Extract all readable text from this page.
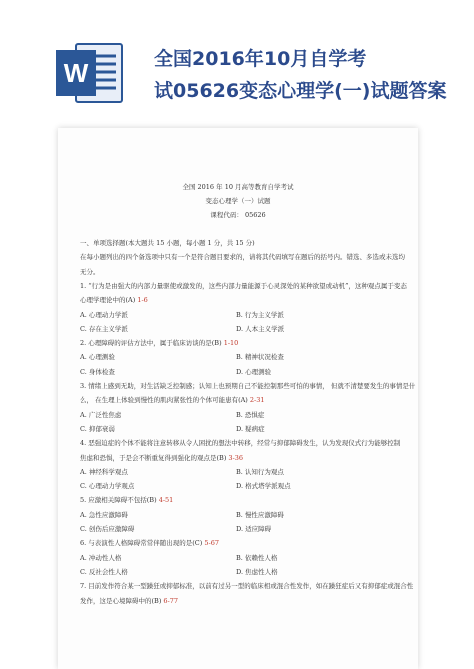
W	全国2016年10月自学考
试05626变态心理学(一)试题答案
全国 2016 年 10 月高等教育自学考试
变态心理学（一）试题
课程代码： 05626
一、单项选择题(本大题共 15 小题，每小题 1 分，共 15 分)
在每小题列出的四个备选项中只有一个是符合题目要求的，请将其代码填写在题后的括号内。错选、多选或未选均
无分。
1. “行为是由强大的内部力量驱使或激发的，这些内部力量能源于心灵深处的某种欲望或动机”，这种观点属于变态
心理学理论中的(A) 1-6
A. 心理动力学派	B. 行为主义学派
C. 存在主义学派	D. 人本主义学派
2. 心理障碍的评估方法中，属于临床访谈的是(B) 1-10
A. 心理测验	B. 精神状况检查
C. 身体检查	D. 心理测验
3. 情绪上感到无助，对生活缺乏控制感；认知上也预期自己不能控制那些可怕的事情， 但就不清楚要发生的事情是什
么， 在生理上体验到慢性的肌肉紧张性的个体可能患有(A) 2-31
A. 广泛性焦虑	B. 恐惧症
C. 抑郁衰弱	D. 疑病症
4. 恶强迫症的个体不能将注意转移从令人困扰的想法中转移，经常与抑郁障碍发生，认为发现仪式行为能够控制
焦虑和恐惧，于是会不断重复得到强化的观点是(B) 3-36
A. 神经科学观点	B. 认知行为观点
C. 心理动力学观点	D. 格式塔学派观点
5. 应激相关障碍不包括(B) 4-51
A. 急性应激障碍	B. 慢性应激障碍
C. 创伤后应激障碍	D. 适应障碍
6. 与表演性人格障碍常常伴随出现的是(C) 5-67
A. 冲动性人格	B. 依赖性人格
C. 反社会性人格	D. 焦虑性人格
7. 目前发作符合某一型躁狂或抑郁标准，以前有过另一型的临床相或混合性发作，如在躁狂症后又有抑郁症或混合性
发作，这是心境障碍中的(B) 6-77
